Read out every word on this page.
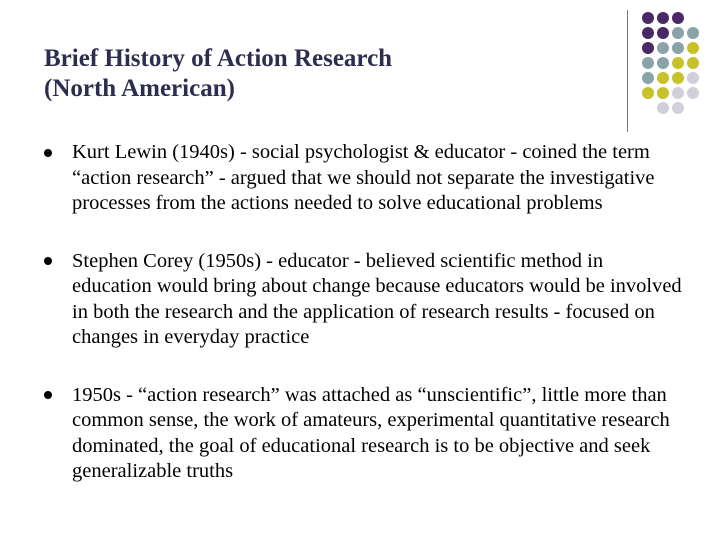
Brief History of Action Research
(North American)
Kurt Lewin (1940s) - social psychologist & educator - coined the term “action research” - argued that we should not separate the investigative processes from the actions needed to solve educational problems
Stephen Corey (1950s) - educator - believed scientific method in education would bring about change because educators would be involved in both the research and the application of research results - focused on changes in everyday practice
1950s - “action research” was attached as “unscientific”, little more than common sense, the work of amateurs, experimental quantitative research dominated, the goal of educational research is to be objective and seek generalizable truths
